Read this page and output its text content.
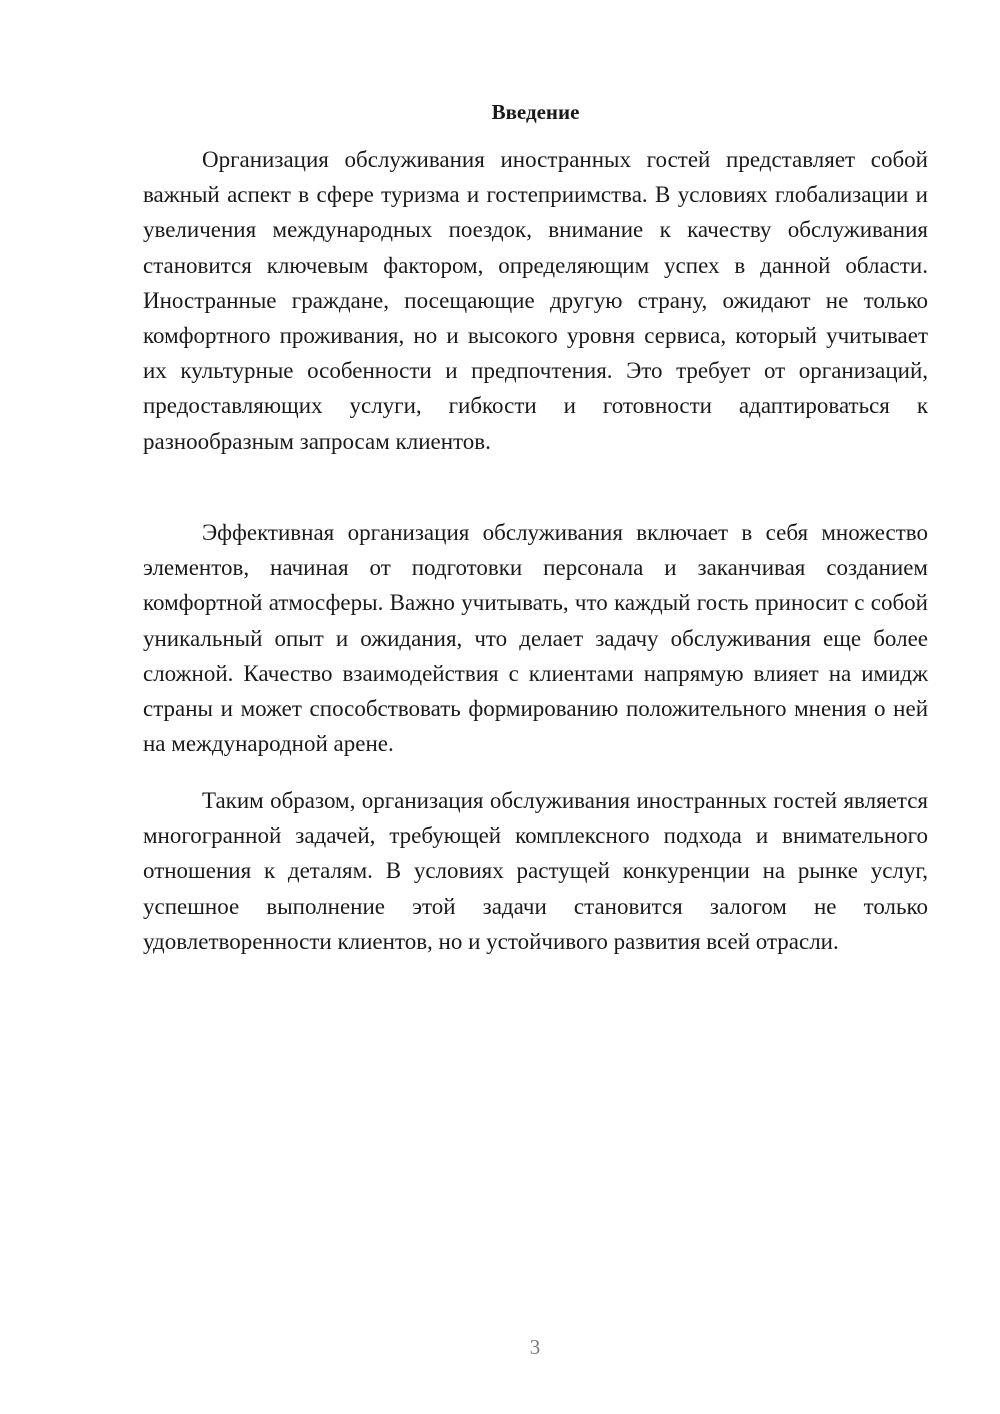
Введение

Организация обслуживания иностранных гостей представляет собой важный аспект в сфере туризма и гостеприимства. В условиях глобализации и увеличения международных поездок, внимание к качеству обслуживания становится ключевым фактором, определяющим успех в данной области. Иностранные граждане, посещающие другую страну, ожидают не только комфортного проживания, но и высокого уровня сервиса, который учитывает их культурные особенности и предпочтения. Это требует от организаций, предоставляющих услуги, гибкости и готовности адаптироваться к разнообразным запросам клиентов.

Эффективная организация обслуживания включает в себя множество элементов, начиная от подготовки персонала и заканчивая созданием комфортной атмосферы. Важно учитывать, что каждый гость приносит с собой уникальный опыт и ожидания, что делает задачу обслуживания еще более сложной. Качество взаимодействия с клиентами напрямую влияет на имидж страны и может способствовать формированию положительного мнения о ней на международной арене.

Таким образом, организация обслуживания иностранных гостей является многогранной задачей, требующей комплексного подхода и внимательного отношения к деталям. В условиях растущей конкуренции на рынке услуг, успешное выполнение этой задачи становится залогом не только удовлетворенности клиентов, но и устойчивого развития всей отрасли.

3
